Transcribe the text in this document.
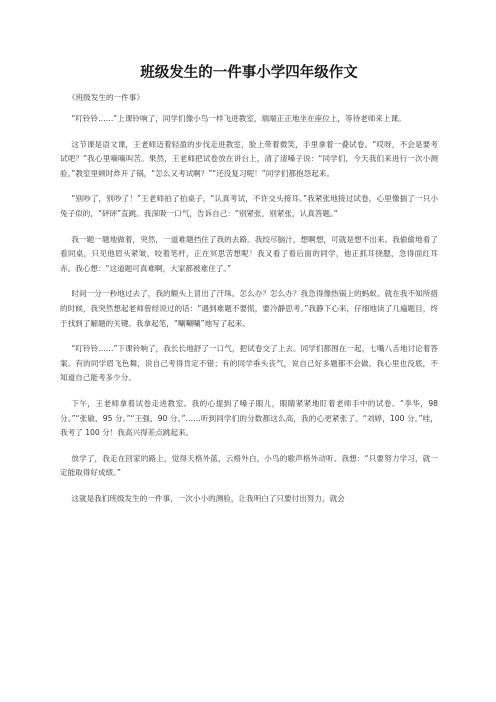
班级发生的一件事小学四年级作文
《班级发生的一件事》

“叮铃铃……”上课铃响了，同学们像小鸟一样飞进教室，端端正正地坐在座位上，等待老师来上课。

这节课是语文课，王老师迈着轻盈的步伐走进教室，脸上带着微笑，手里拿着一叠试卷。“哎呀，不会是要考试吧？”我心里嘀嘀叫苦。果然，王老师把试卷放在讲台上，清了清嗓子说：“同学们，今天我们来进行一次小测验。”教室里顿时炸开了锅，“怎么又考试啊？”“还没复习呢！”同学们都抱怨起来。

“别吵了，别吵了！”王老师拍了拍桌子，“认真考试，不许交头接耳。”我紧张地接过试卷，心里像揣了一只小兔子似的，“砰砰”直跳。我深吸一口气，告诉自己：“别紧张，别紧张，认真答题。”

我一题一题地做着，突然，一道难题挡住了我的去路。我绞尽脑汁，想啊想，可就是想不出来。我偷偷地看了看同桌，只见他眉头紧皱，咬着笔杆，正在冥思苦想呢！我又看了看后面的同学，他正抓耳挠腮，急得面红耳赤。我心想：“这道题可真难啊，大家都被难住了。”

时间一分一秒地过去了，我的额头上冒出了汗珠。怎么办？怎么办？我急得像热锅上的蚂蚁。就在我不知所措的时候，我突然想起老师曾经说过的话：“遇到难题不要慌，要冷静思考。”我静下心来，仔细地读了几遍题目，终于找到了解题的关键。我拿起笔，“唰唰唰”地写了起来。

“叮铃铃……”下课铃响了，我长长地舒了一口气，把试卷交了上去。同学们都围在一起，七嘴八舌地讨论着答案。有的同学眉飞色舞，说自己考得肯定不错；有的同学垂头丧气，说自己好多题都不会做。我心里也没底，不知道自己能考多少分。

下午，王老师拿着试卷走进教室。我的心提到了嗓子眼儿，眼睛紧紧地盯着老师手中的试卷。“李华，98 分。”“张敏，95 分。”“王强，90 分。”……听到同学们的分数都这么高，我的心更紧张了。“刘婷，100 分。”哇，我考了 100 分！我高兴得差点跳起来。

放学了，我走在回家的路上，觉得天格外蓝，云格外白，小鸟的歌声格外动听。我想：“只要努力学习，就一定能取得好成绩。”

这就是我们班级发生的一件事，一次小小的测验，让我明白了只要付出努力，就会
